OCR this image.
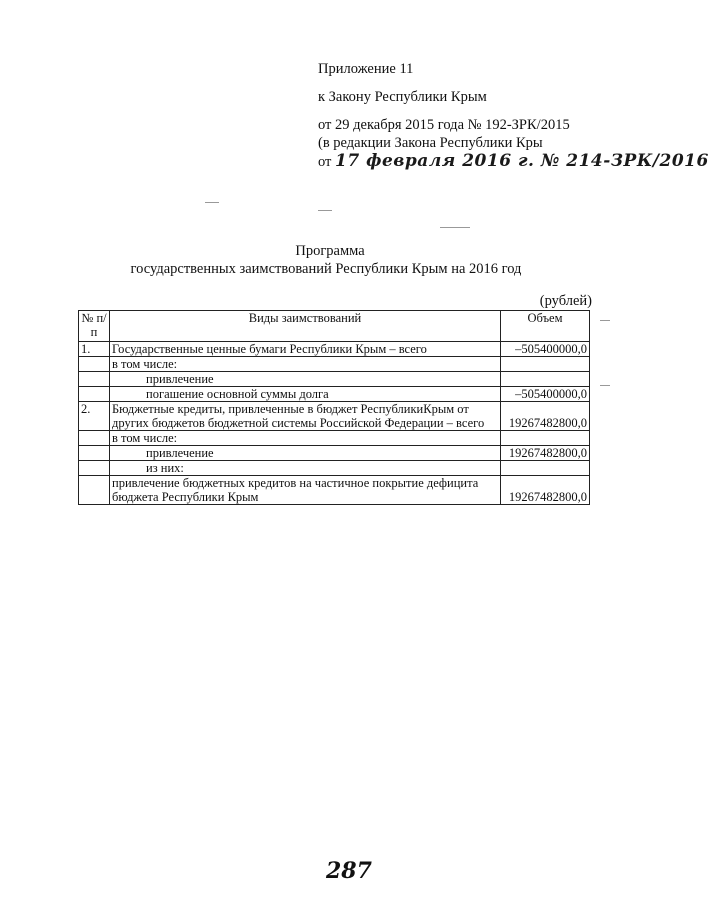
Приложение 11
к Закону Республики Крым
от 29 декабря 2015 года № 192-ЗРК/2015
(в редакции Закона Республики Кры
от 17 февраля 2016 г. № 214-ЗРК/2016
Программа
государственных заимствований Республики Крым на 2016 год
(рублей)
№ п/п	Виды заимствований	Объем
1.	Государственные ценные бумаги Республики Крым – всего	–505400000,0
	в том числе:	
	привлечение	
	погашение основной суммы долга	–505400000,0
2.	Бюджетные кредиты, привлеченные в бюджет РеспубликиКрым от других бюджетов бюджетной системы Российской Федерации – всего	19267482800,0
	в том числе:	
	привлечение	19267482800,0
	из них:	
	привлечение бюджетных кредитов на частичное покрытие дефицита бюджета Республики Крым	19267482800,0
287
